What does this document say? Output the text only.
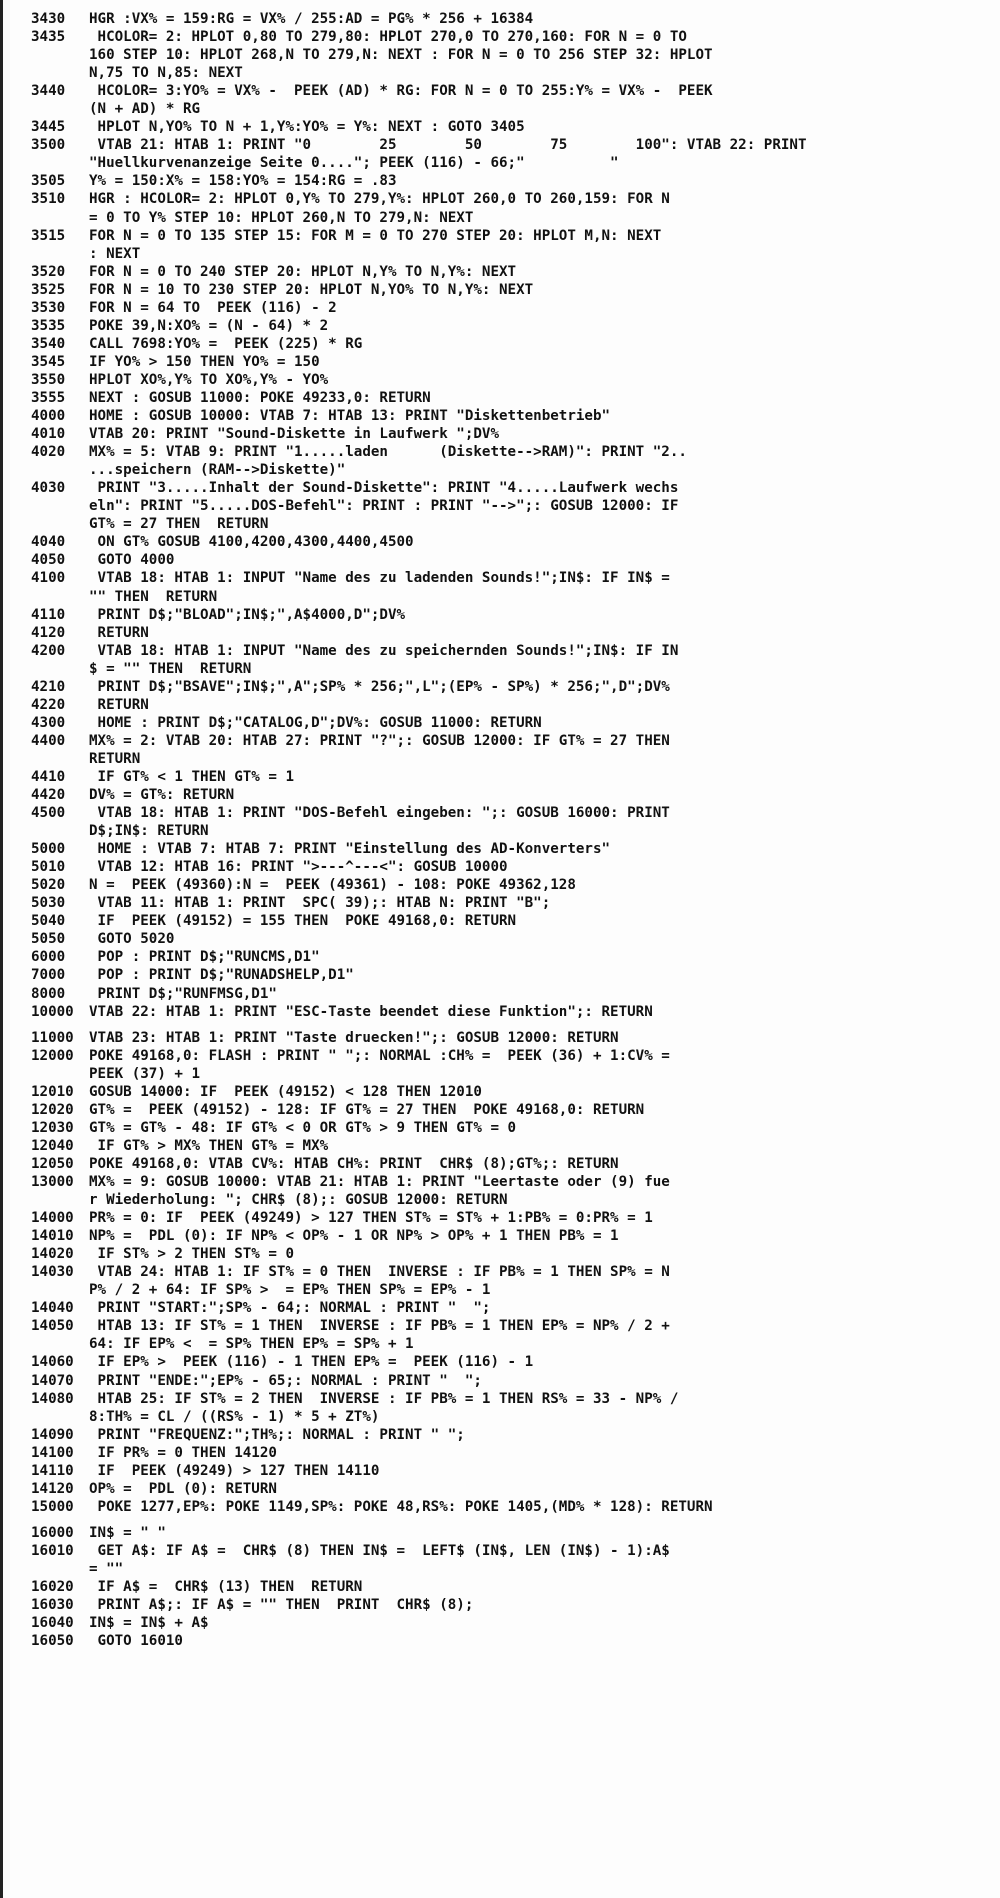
3430	HGR :VX% = 159:RG = VX% / 255:AD = PG% * 256 + 16384
3435	HCOLOR= 2: HPLOT 0,80 TO 279,80: HPLOT 270,0 TO 270,160: FOR N = 0 TO
160 STEP 10: HPLOT 268,N TO 279,N: NEXT : FOR N = 0 TO 256 STEP 32: HPLOT
N,75 TO N,85: NEXT
3440	HCOLOR= 3:YO% = VX% -  PEEK (AD) * RG: FOR N = 0 TO 255:Y% = VX% -  PEEK
(N + AD) * RG
3445	HPLOT N,YO% TO N + 1,Y%:YO% = Y%: NEXT : GOTO 3405
3500	VTAB 21: HTAB 1: PRINT "0        25        50        75        100": VTAB 22: PRINT
"Huellkurvenanzeige Seite 0...."; PEEK (116) - 66;"          "
3505	Y% = 150:X% = 158:YO% = 154:RG = .83
3510	HGR : HCOLOR= 2: HPLOT 0,Y% TO 279,Y%: HPLOT 260,0 TO 260,159: FOR N
= 0 TO Y% STEP 10: HPLOT 260,N TO 279,N: NEXT
3515	FOR N = 0 TO 135 STEP 15: FOR M = 0 TO 270 STEP 20: HPLOT M,N: NEXT
: NEXT
3520	FOR N = 0 TO 240 STEP 20: HPLOT N,Y% TO N,Y%: NEXT
3525	FOR N = 10 TO 230 STEP 20: HPLOT N,YO% TO N,Y%: NEXT
3530	FOR N = 64 TO  PEEK (116) - 2
3535	POKE 39,N:XO% = (N - 64) * 2
3540	CALL 7698:YO% =  PEEK (225) * RG
3545	IF YO% > 150 THEN YO% = 150
3550	HPLOT XO%,Y% TO XO%,Y% - YO%
3555	NEXT : GOSUB 11000: POKE 49233,0: RETURN
4000	HOME : GOSUB 10000: VTAB 7: HTAB 13: PRINT "Diskettenbetrieb"
4010	VTAB 20: PRINT "Sound-Diskette in Laufwerk ";DV%
4020	MX% = 5: VTAB 9: PRINT "1.....laden      (Diskette-->RAM)": PRINT "2..
...speichern (RAM-->Diskette)"
4030	PRINT "3.....Inhalt der Sound-Diskette": PRINT "4.....Laufwerk wechs
eln": PRINT "5.....DOS-Befehl": PRINT : PRINT "-->";: GOSUB 12000: IF
GT% = 27 THEN  RETURN
4040	ON GT% GOSUB 4100,4200,4300,4400,4500
4050	GOTO 4000
4100	VTAB 18: HTAB 1: INPUT "Name des zu ladenden Sounds!";IN$: IF IN$ =
"" THEN  RETURN
4110	PRINT D$;"BLOAD";IN$;",A$4000,D";DV%
4120	RETURN
4200	VTAB 18: HTAB 1: INPUT "Name des zu speichernden Sounds!";IN$: IF IN
$ = "" THEN  RETURN
4210	PRINT D$;"BSAVE";IN$;",A";SP% * 256;",L";(EP% - SP%) * 256;",D";DV%
4220	RETURN
4300	HOME : PRINT D$;"CATALOG,D";DV%: GOSUB 11000: RETURN
4400	MX% = 2: VTAB 20: HTAB 27: PRINT "?";: GOSUB 12000: IF GT% = 27 THEN
RETURN
4410	IF GT% < 1 THEN GT% = 1
4420	DV% = GT%: RETURN
4500	VTAB 18: HTAB 1: PRINT "DOS-Befehl eingeben: ";: GOSUB 16000: PRINT
D$;IN$: RETURN
5000	HOME : VTAB 7: HTAB 7: PRINT "Einstellung des AD-Konverters"
5010	VTAB 12: HTAB 16: PRINT ">---^---<": GOSUB 10000
5020	N =  PEEK (49360):N =  PEEK (49361) - 108: POKE 49362,128
5030	VTAB 11: HTAB 1: PRINT  SPC( 39);: HTAB N: PRINT "B";
5040	IF  PEEK (49152) = 155 THEN  POKE 49168,0: RETURN
5050	GOTO 5020
6000	POP : PRINT D$;"RUNCMS,D1"
7000	POP : PRINT D$;"RUNADSHELP,D1"
8000	PRINT D$;"RUNFMSG,D1"
10000	VTAB 22: HTAB 1: PRINT "ESC-Taste beendet diese Funktion";: RETURN
11000	VTAB 23: HTAB 1: PRINT "Taste druecken!";: GOSUB 12000: RETURN
12000	POKE 49168,0: FLASH : PRINT " ";: NORMAL :CH% =  PEEK (36) + 1:CV% =
PEEK (37) + 1
12010	GOSUB 14000: IF  PEEK (49152) < 128 THEN 12010
12020	GT% =  PEEK (49152) - 128: IF GT% = 27 THEN  POKE 49168,0: RETURN
12030	GT% = GT% - 48: IF GT% < 0 OR GT% > 9 THEN GT% = 0
12040	IF GT% > MX% THEN GT% = MX%
12050	POKE 49168,0: VTAB CV%: HTAB CH%: PRINT  CHR$ (8);GT%;: RETURN
13000	MX% = 9: GOSUB 10000: VTAB 21: HTAB 1: PRINT "Leertaste oder (9) fue
r Wiederholung: "; CHR$ (8);: GOSUB 12000: RETURN
14000	PR% = 0: IF  PEEK (49249) > 127 THEN ST% = ST% + 1:PB% = 0:PR% = 1
14010	NP% =  PDL (0): IF NP% < OP% - 1 OR NP% > OP% + 1 THEN PB% = 1
14020	IF ST% > 2 THEN ST% = 0
14030	VTAB 24: HTAB 1: IF ST% = 0 THEN  INVERSE : IF PB% = 1 THEN SP% = N
P% / 2 + 64: IF SP% >  = EP% THEN SP% = EP% - 1
14040	PRINT "START:";SP% - 64;: NORMAL : PRINT "  ";
14050	HTAB 13: IF ST% = 1 THEN  INVERSE : IF PB% = 1 THEN EP% = NP% / 2 +
64: IF EP% <  = SP% THEN EP% = SP% + 1
14060	IF EP% >  PEEK (116) - 1 THEN EP% =  PEEK (116) - 1
14070	PRINT "ENDE:";EP% - 65;: NORMAL : PRINT "  ";
14080	HTAB 25: IF ST% = 2 THEN  INVERSE : IF PB% = 1 THEN RS% = 33 - NP% /
8:TH% = CL / ((RS% - 1) * 5 + ZT%)
14090	PRINT "FREQUENZ:";TH%;: NORMAL : PRINT " ";
14100	IF PR% = 0 THEN 14120
14110	IF  PEEK (49249) > 127 THEN 14110
14120	OP% =  PDL (0): RETURN
15000	POKE 1277,EP%: POKE 1149,SP%: POKE 48,RS%: POKE 1405,(MD% * 128): RETURN
16000	IN$ = " "
16010	GET A$: IF A$ =  CHR$ (8) THEN IN$ =  LEFT$ (IN$, LEN (IN$) - 1):A$
= ""
16020	IF A$ =  CHR$ (13) THEN  RETURN
16030	PRINT A$;: IF A$ = "" THEN  PRINT  CHR$ (8);
16040	IN$ = IN$ + A$
16050	GOTO 16010
